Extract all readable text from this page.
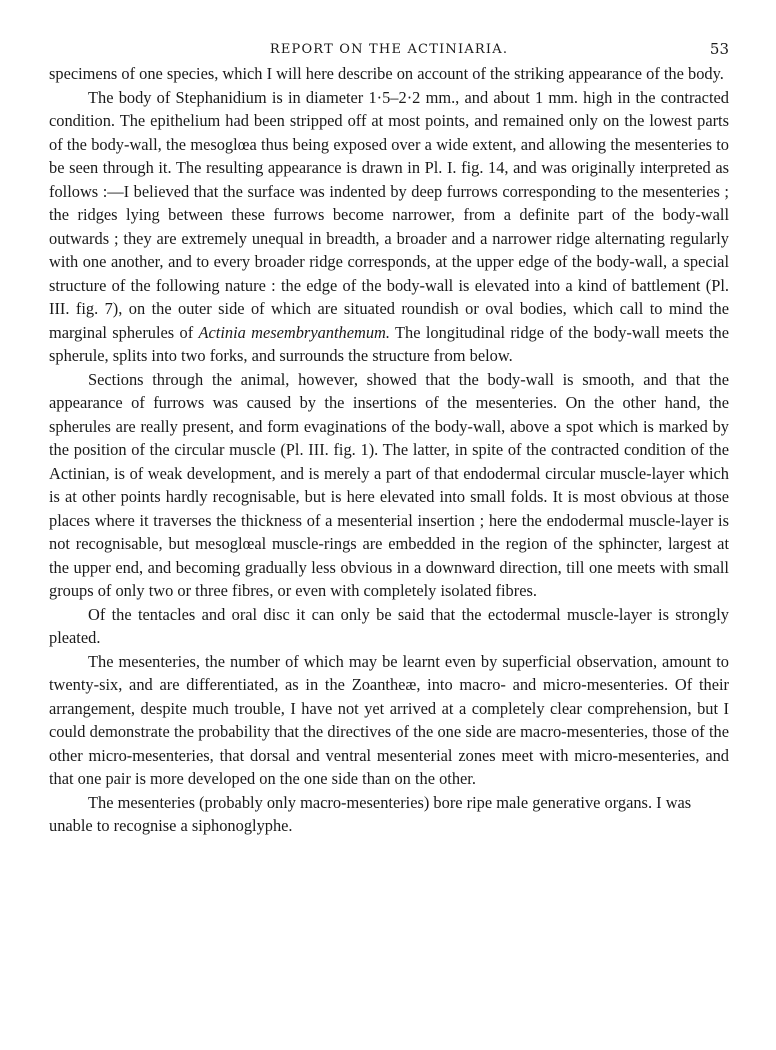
REPORT ON THE ACTINIARIA.	53

specimens of one species, which I will here describe on account of the striking appearance of the body.

The body of Stephanidium is in diameter 1·5–2·2 mm., and about 1 mm. high in the contracted condition. The epithelium had been stripped off at most points, and remained only on the lowest parts of the body-wall, the mesoglœa thus being exposed over a wide extent, and allowing the mesenteries to be seen through it. The resulting appearance is drawn in Pl. I. fig. 14, and was originally interpreted as follows :—I believed that the surface was indented by deep furrows corresponding to the mesenteries ; the ridges lying between these furrows become narrower, from a definite part of the body-wall outwards ; they are extremely unequal in breadth, a broader and a narrower ridge alternating regularly with one another, and to every broader ridge corresponds, at the upper edge of the body-wall, a special structure of the following nature : the edge of the body-wall is elevated into a kind of battlement (Pl. III. fig. 7), on the outer side of which are situated roundish or oval bodies, which call to mind the marginal spherules of Actinia mesembryanthemum. The longitudinal ridge of the body-wall meets the spherule, splits into two forks, and surrounds the structure from below.

Sections through the animal, however, showed that the body-wall is smooth, and that the appearance of furrows was caused by the insertions of the mesenteries. On the other hand, the spherules are really present, and form evaginations of the body-wall, above a spot which is marked by the position of the circular muscle (Pl. III. fig. 1). The latter, in spite of the contracted condition of the Actinian, is of weak development, and is merely a part of that endodermal circular muscle-layer which is at other points hardly recognisable, but is here elevated into small folds. It is most obvious at those places where it traverses the thickness of a mesenterial insertion ; here the endodermal muscle-layer is not recognisable, but mesoglœal muscle-rings are embedded in the region of the sphincter, largest at the upper end, and becoming gradually less obvious in a downward direction, till one meets with small groups of only two or three fibres, or even with completely isolated fibres.

Of the tentacles and oral disc it can only be said that the ectodermal muscle-layer is strongly pleated.

The mesenteries, the number of which may be learnt even by superficial observation, amount to twenty-six, and are differentiated, as in the Zoantheæ, into macro- and micro-mesenteries. Of their arrangement, despite much trouble, I have not yet arrived at a completely clear comprehension, but I could demonstrate the probability that the directives of the one side are macro-mesenteries, those of the other micro-mesenteries, that dorsal and ventral mesenterial zones meet with micro-mesenteries, and that one pair is more developed on the one side than on the other.

The mesenteries (probably only macro-mesenteries) bore ripe male generative organs. I was unable to recognise a siphonoglyphe.
